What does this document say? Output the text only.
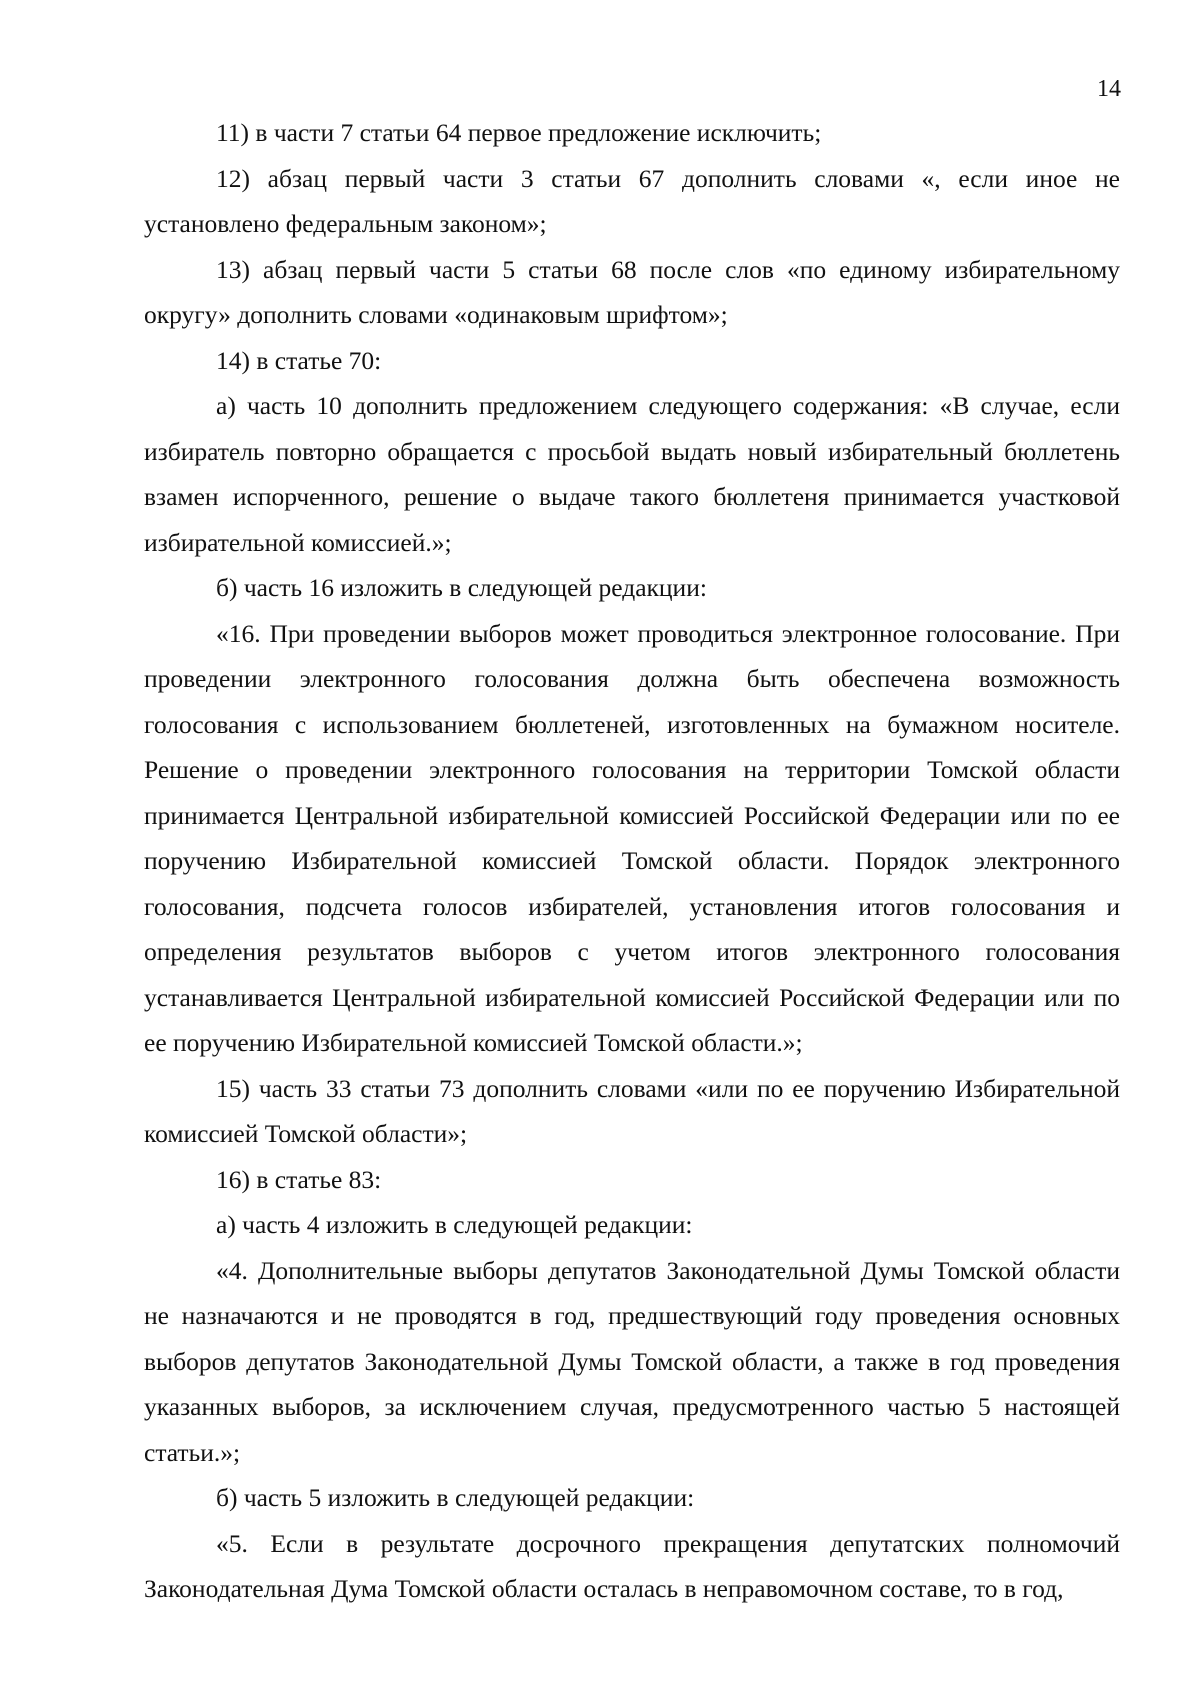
14

11) в части 7 статьи 64 первое предложение исключить;

12) абзац первый части 3 статьи 67 дополнить словами «, если иное не установлено федеральным законом»;

13) абзац первый части 5 статьи 68 после слов «по единому избирательному округу» дополнить словами «одинаковым шрифтом»;

14) в статье 70:

а) часть 10 дополнить предложением следующего содержания: «В случае, если избиратель повторно обращается с просьбой выдать новый избирательный бюллетень взамен испорченного, решение о выдаче такого бюллетеня принимается участковой избирательной комиссией.»;

б) часть 16 изложить в следующей редакции:

«16. При проведении выборов может проводиться электронное голосование. При проведении электронного голосования должна быть обеспечена возможность голосования с использованием бюллетеней, изготовленных на бумажном носителе. Решение о проведении электронного голосования на территории Томской области принимается Центральной избирательной комиссией Российской Федерации или по ее поручению Избирательной комиссией Томской области. Порядок электронного голосования, подсчета голосов избирателей, установления итогов голосования и определения результатов выборов с учетом итогов электронного голосования устанавливается Центральной избирательной комиссией Российской Федерации или по ее поручению Избирательной комиссией Томской области.»;

15) часть 33 статьи 73 дополнить словами «или по ее поручению Избирательной комиссией Томской области»;

16) в статье 83:

а) часть 4 изложить в следующей редакции:

«4. Дополнительные выборы депутатов Законодательной Думы Томской области не назначаются и не проводятся в год, предшествующий году проведения основных выборов депутатов Законодательной Думы Томской области, а также в год проведения указанных выборов, за исключением случая, предусмотренного частью 5 настоящей статьи.»;

б) часть 5 изложить в следующей редакции:

«5. Если в результате досрочного прекращения депутатских полномочий Законодательная Дума Томской области осталась в неправомочном составе, то в год,
